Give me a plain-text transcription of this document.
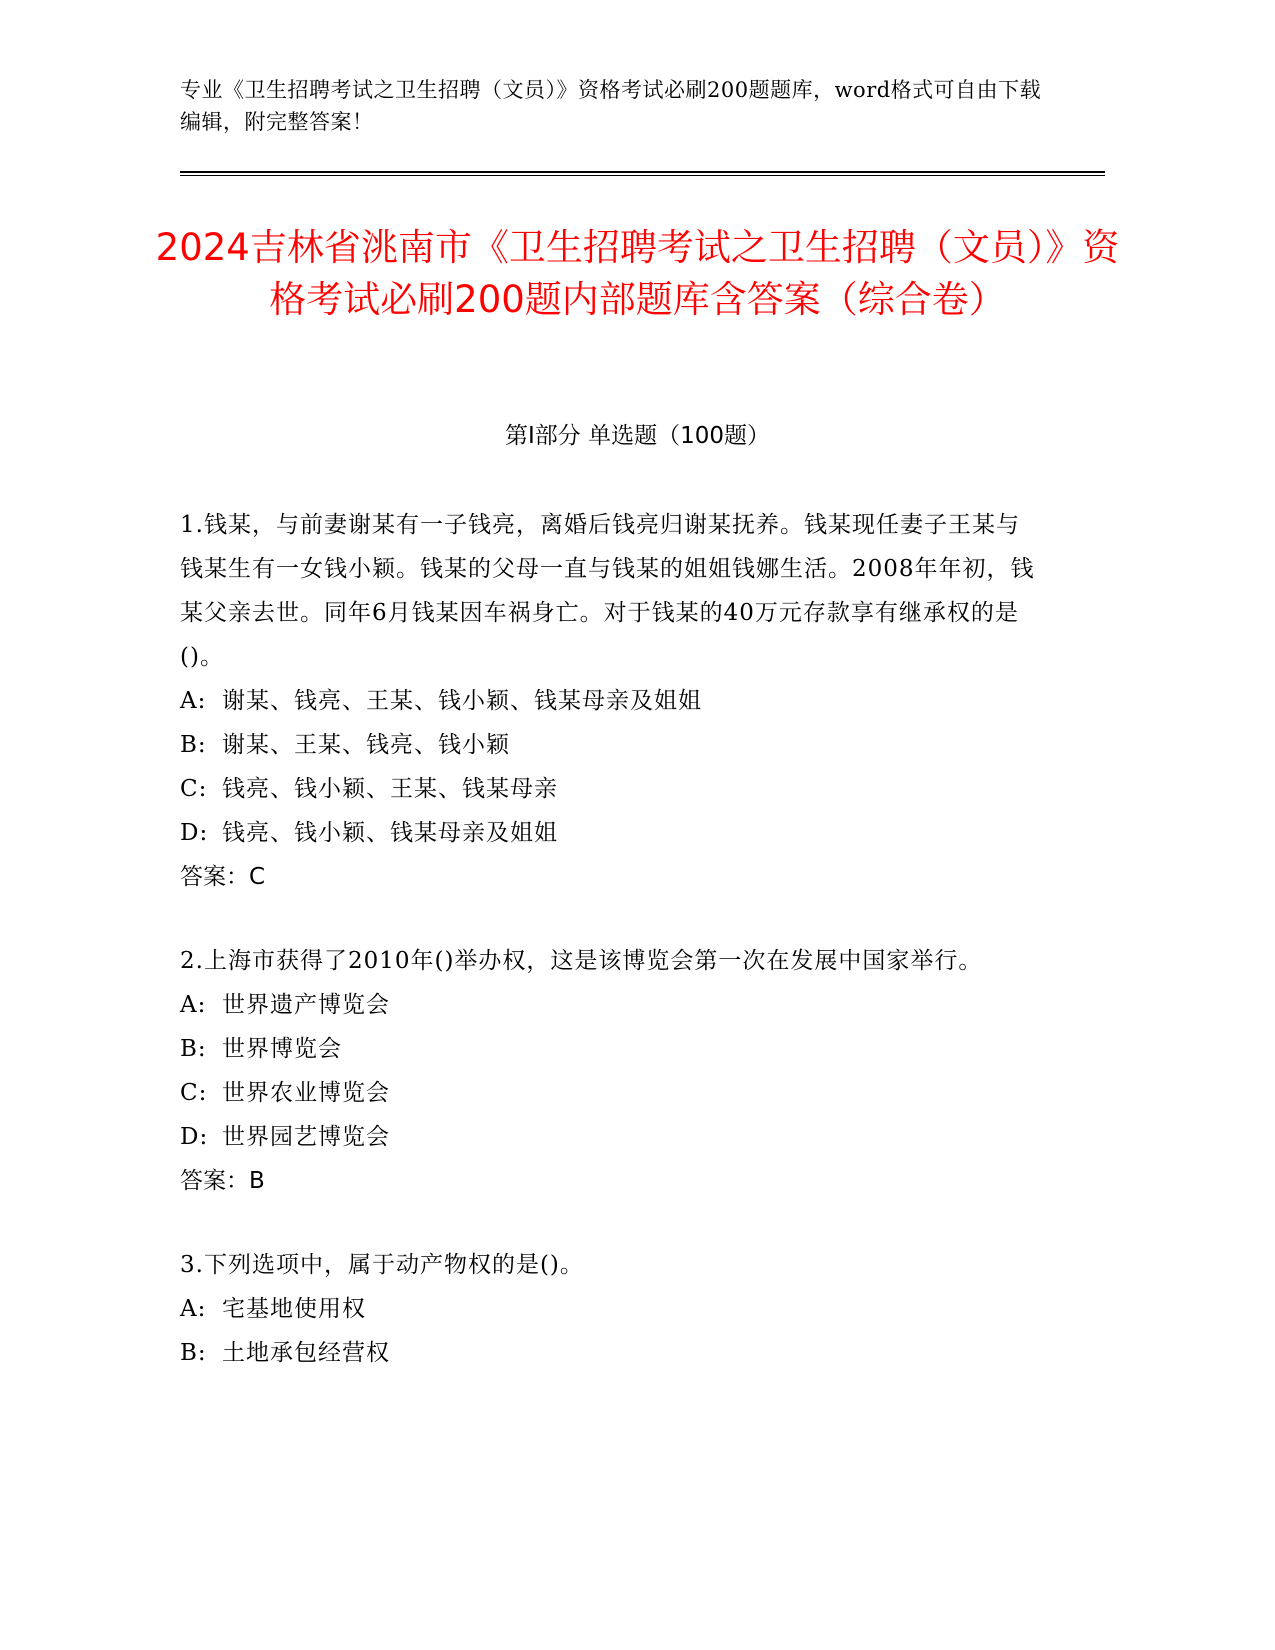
专业《卫生招聘考试之卫生招聘（文员）》资格考试必刷200题题库，word格式可自由下载编辑，附完整答案！
2024吉林省洮南市《卫生招聘考试之卫生招聘（文员）》资格考试必刷200题内部题库含答案（综合卷）
第Ⅰ部分 单选题（100题）

1.钱某，与前妻谢某有一子钱亮，离婚后钱亮归谢某抚养。钱某现任妻子王某与钱某生有一女钱小颖。钱某的父母一直与钱某的姐姐钱娜生活。2008年年初，钱某父亲去世。同年6月钱某因车祸身亡。对于钱某的40万元存款享有继承权的是()。

A: 谢某、钱亮、王某、钱小颖、钱某母亲及姐姐

B: 谢某、王某、钱亮、钱小颖

C: 钱亮、钱小颖、王某、钱某母亲

D: 钱亮、钱小颖、钱某母亲及姐姐

答案：C

2.上海市获得了2010年()举办权，这是该博览会第一次在发展中国家举行。

A: 世界遗产博览会

B: 世界博览会

C: 世界农业博览会

D: 世界园艺博览会

答案：B

3.下列选项中，属于动产物权的是()。

A: 宅基地使用权

B: 土地承包经营权
